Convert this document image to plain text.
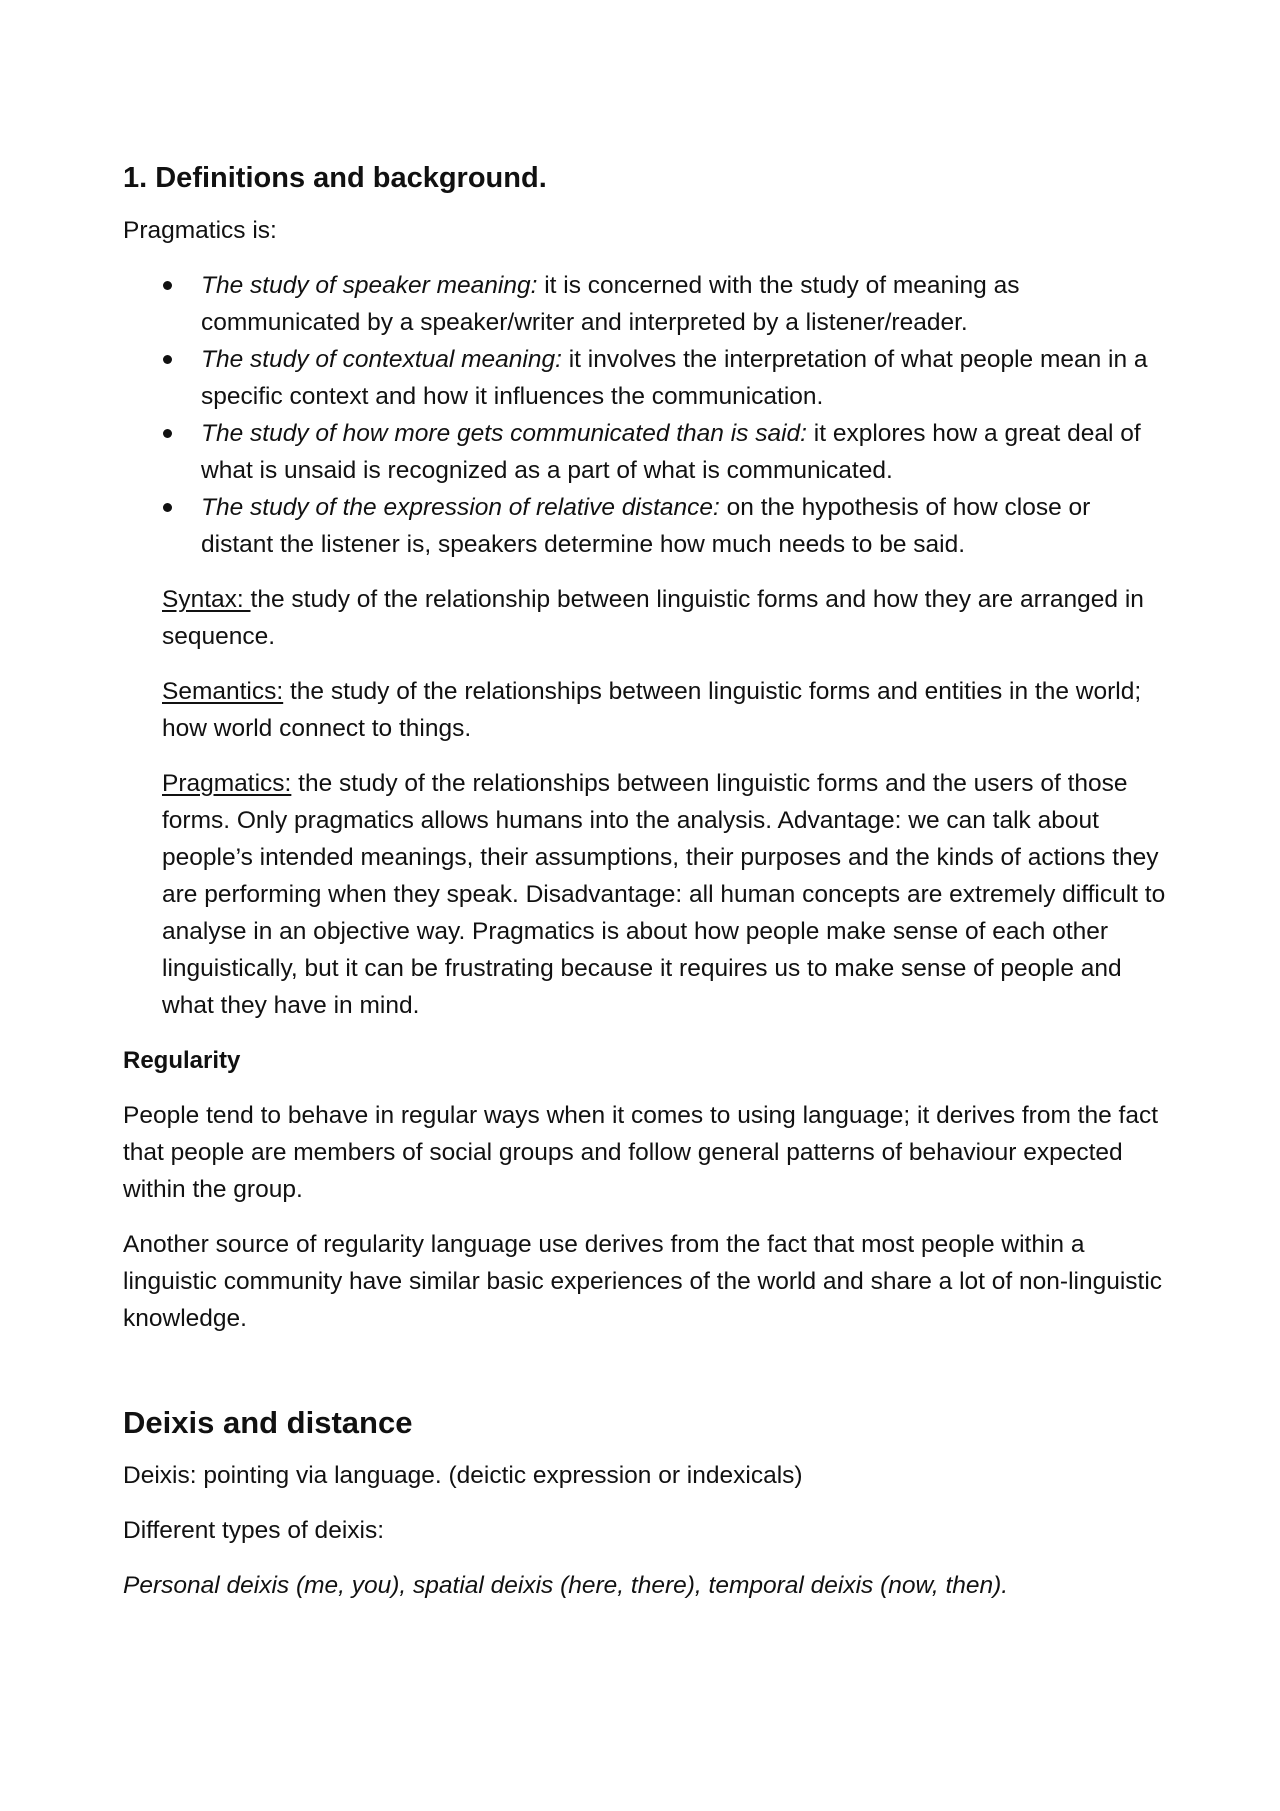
1. Definitions and background.

Pragmatics is:

The study of speaker meaning: it is concerned with the study of meaning as communicated by a speaker/writer and interpreted by a listener/reader.
The study of contextual meaning: it involves the interpretation of what people mean in a specific context and how it influences the communication.
The study of how more gets communicated than is said: it explores how a great deal of what is unsaid is recognized as a part of what is communicated.
The study of the expression of relative distance: on the hypothesis of how close or distant the listener is, speakers determine how much needs to be said.

Syntax: the study of the relationship between linguistic forms and how they are arranged in sequence.

Semantics: the study of the relationships between linguistic forms and entities in the world; how world connect to things.

Pragmatics: the study of the relationships between linguistic forms and the users of those forms. Only pragmatics allows humans into the analysis. Advantage: we can talk about people’s intended meanings, their assumptions, their purposes and the kinds of actions they are performing when they speak. Disadvantage: all human concepts are extremely difficult to analyse in an objective way. Pragmatics is about how people make sense of each other linguistically, but it can be frustrating because it requires us to make sense of people and what they have in mind.

Regularity

People tend to behave in regular ways when it comes to using language; it derives from the fact that people are members of social groups and follow general patterns of behaviour expected within the group.

Another source of regularity language use derives from the fact that most people within a linguistic community have similar basic experiences of the world and share a lot of non-linguistic knowledge.

Deixis and distance

Deixis: pointing via language. (deictic expression or indexicals)

Different types of deixis:

Personal deixis (me, you), spatial deixis (here, there), temporal deixis (now, then).
